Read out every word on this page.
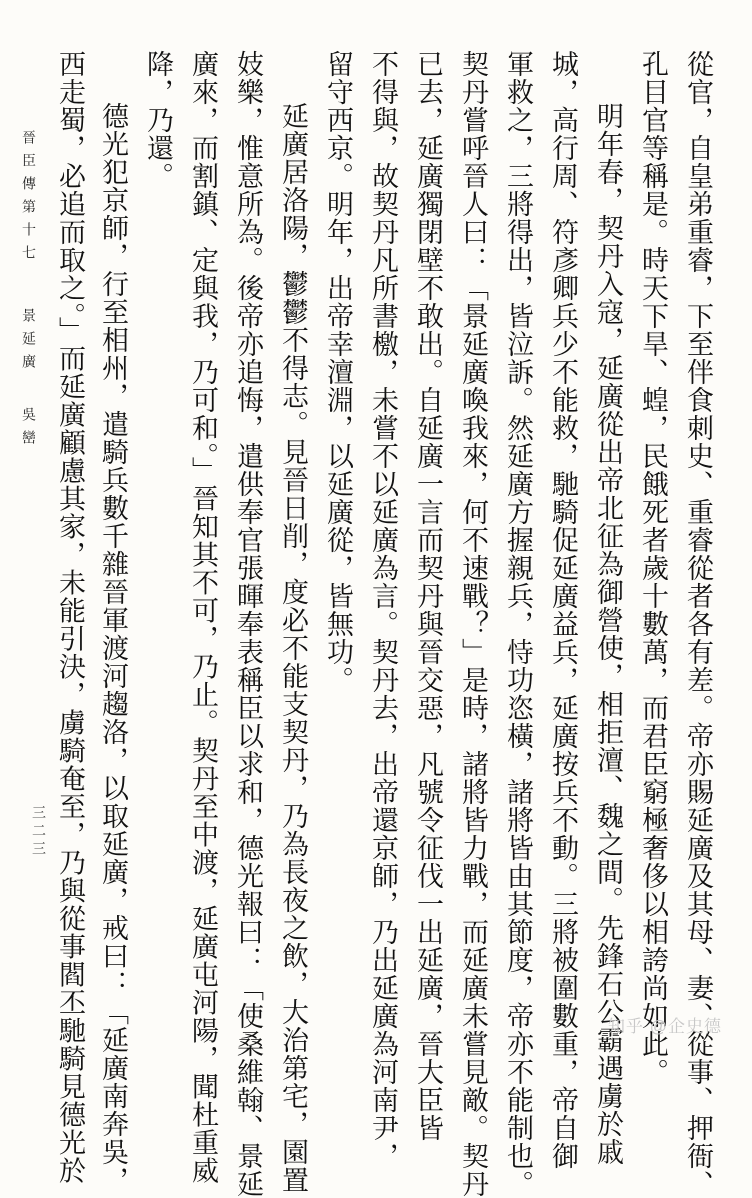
從官，自皇弟重睿，下至伴食刺史、重睿從者各有差。帝亦賜延廣及其母、妻、從事、押衙、
孔目官等稱是。時天下旱、蝗，民餓死者歲十數萬，而君臣窮極奢侈以相誇尚如此。
明年春，契丹入寇，延廣從出帝北征為御營使，相拒澶、魏之間。先鋒石公霸遇虜於戚
城，高行周、符彥卿兵少不能救，馳騎促延廣益兵，延廣按兵不動。三將被圍數重，帝自御
軍救之，三將得出，皆泣訴。然延廣方握親兵，恃功恣橫，諸將皆由其節度，帝亦不能制也。
契丹嘗呼晉人曰：「景延廣喚我來，何不速戰？」是時，諸將皆力戰，而延廣未嘗見敵。契丹
已去，延廣獨閉壁不敢出。自延廣一言而契丹與晉交惡，凡號令征伐一出延廣，晉大臣皆
不得與，故契丹凡所書檄，未嘗不以延廣為言。契丹去，出帝還京師，乃出延廣為河南尹，
留守西京。明年，出帝幸澶淵，以延廣從，皆無功。
延廣居洛陽，鬱鬱不得志。見晉日削，度必不能支契丹，乃為長夜之飲，大治第宅，園置
妓樂，惟意所為。後帝亦追悔，遣供奉官張暉奉表稱臣以求和，德光報曰：「使桑維翰、景延
廣來，而割鎮、定與我，乃可和。」晉知其不可，乃止。契丹至中渡，延廣屯河陽，聞杜重威
降，乃還。
德光犯京師，行至相州，遣騎兵數千雜晉軍渡河趨洛，以取延廣，戒曰：「延廣南奔吳，
西走蜀，必追而取之。」而延廣顧慮其家，未能引決，虜騎奄至，乃與從事閻丕馳騎見德光於
晉臣傳第十七景延廣吳巒
三二三
知乎 @企史德
